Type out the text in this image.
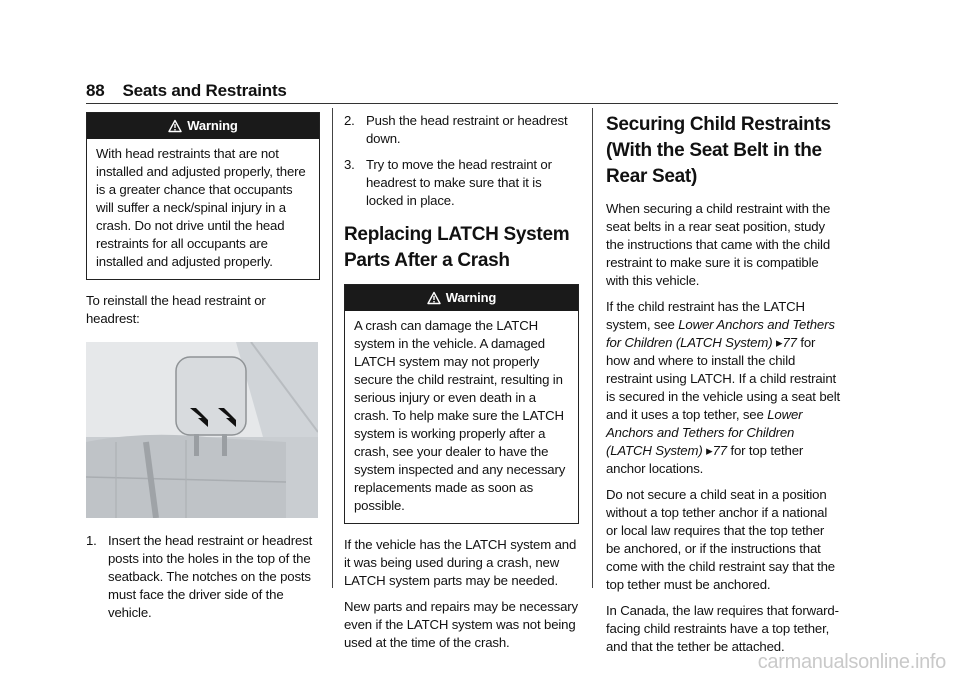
88 Seats and Restraints
Warning
With head restraints that are not installed and adjusted properly, there is a greater chance that occupants will suffer a neck/spinal injury in a crash. Do not drive until the head restraints for all occupants are installed and adjusted properly.

To reinstall the head restraint or headrest:

1. Insert the head restraint or headrest posts into the holes in the top of the seatback. The notches on the posts must face the driver side of the vehicle.
2. Push the head restraint or headrest down.
3. Try to move the head restraint or headrest to make sure that it is locked in place.
Replacing LATCH System Parts After a Crash
Warning
A crash can damage the LATCH system in the vehicle. A damaged LATCH system may not properly secure the child restraint, resulting in serious injury or even death in a crash. To help make sure the LATCH system is working properly after a crash, see your dealer to have the system inspected and any necessary replacements made as soon as possible.

If the vehicle has the LATCH system and it was being used during a crash, new LATCH system parts may be needed.

New parts and repairs may be necessary even if the LATCH system was not being used at the time of the crash.

Securing Child Restraints (With the Seat Belt in the Rear Seat)

When securing a child restraint with the seat belts in a rear seat position, study the instructions that came with the child restraint to make sure it is compatible with this vehicle.

If the child restraint has the LATCH system, see Lower Anchors and Tethers for Children (LATCH System) ▸77 for how and where to install the child restraint using LATCH. If a child restraint is secured in the vehicle using a seat belt and it uses a top tether, see Lower Anchors and Tethers for Children (LATCH System) ▸77 for top tether anchor locations.

Do not secure a child seat in a position without a top tether anchor if a national or local law requires that the top tether be anchored, or if the instructions that come with the child restraint say that the top tether must be anchored.

In Canada, the law requires that forward-facing child restraints have a top tether, and that the tether be attached.

carmanualsonline.info
